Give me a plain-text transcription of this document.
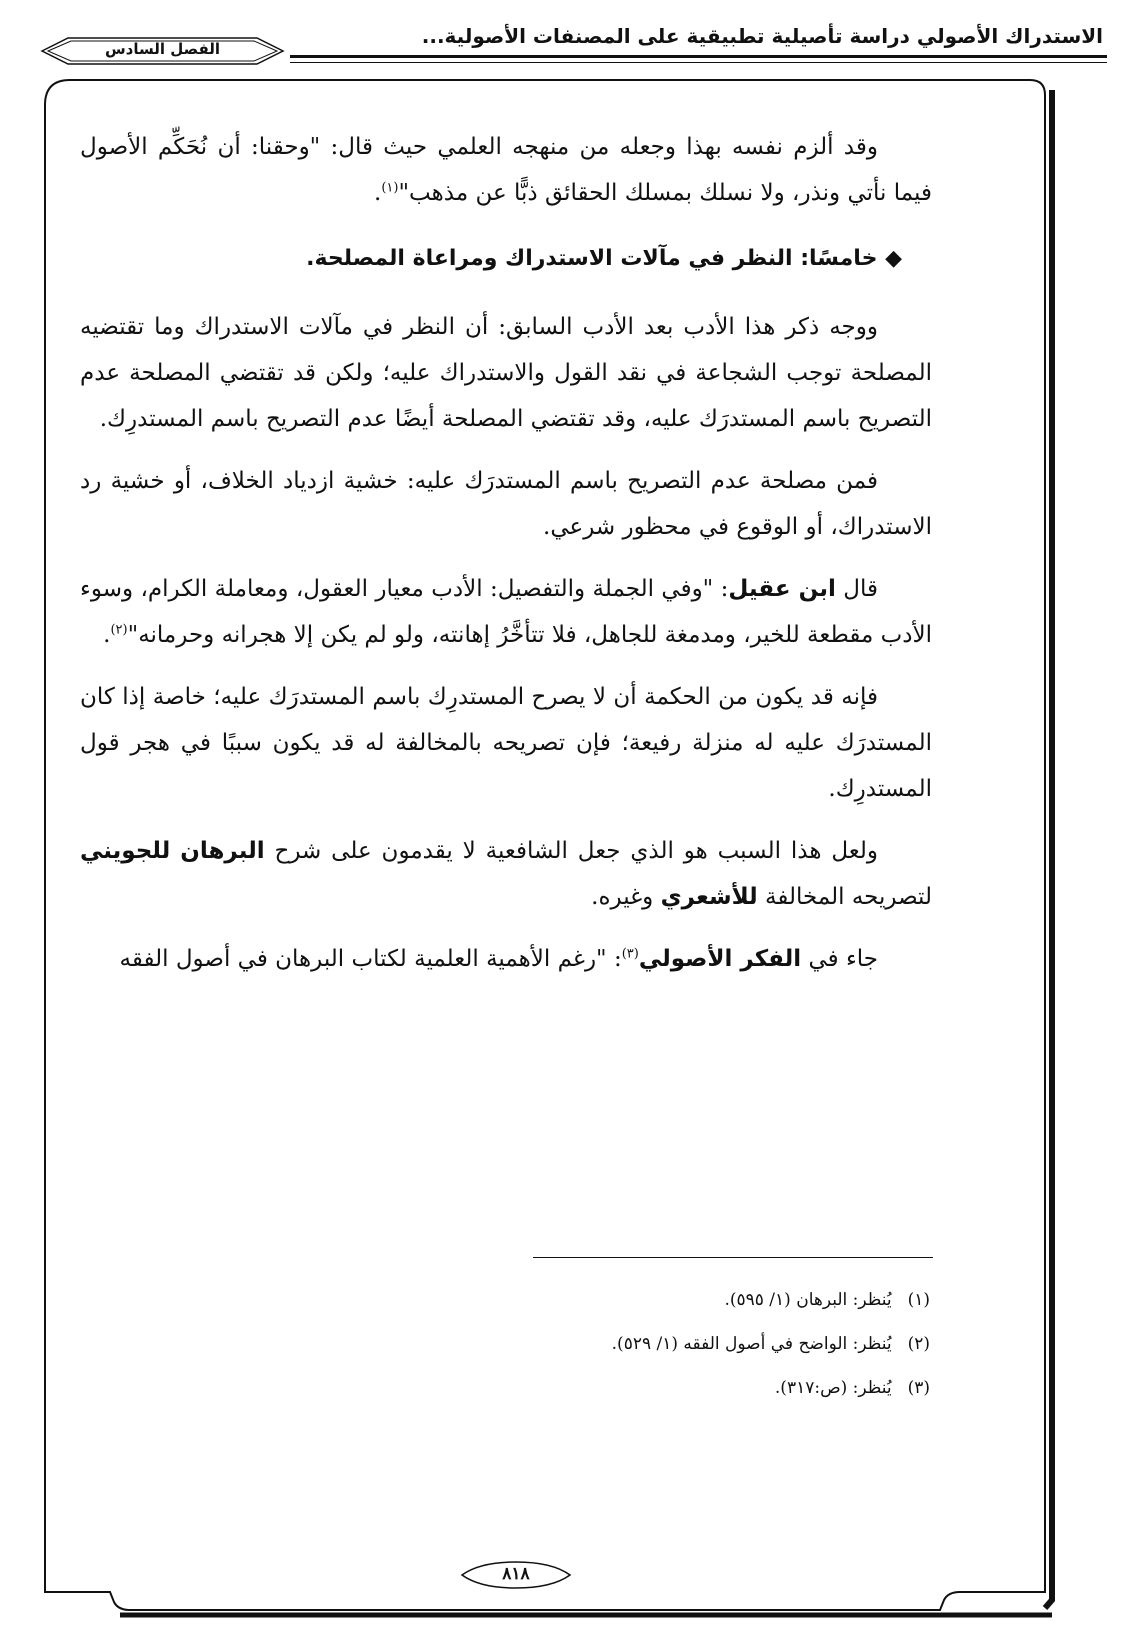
الاستدراك الأصولي دراسة تأصيلية تطبيقية على المصنفات الأصولية...
الفصل السادس

وقد ألزم نفسه بهذا وجعله من منهجه العلمي حيث قال: "وحقنا: أن نُحَكِّم الأصول فيما نأتي ونذر، ولا نسلك بمسلك الحقائق ذبًّا عن مذهب"$^{(١)}$.

◆ خامسًا: النظر في مآلات الاستدراك ومراعاة المصلحة.

ووجه ذكر هذا الأدب بعد الأدب السابق: أن النظر في مآلات الاستدراك وما تقتضيه المصلحة توجب الشجاعة في نقد القول والاستدراك عليه؛ ولكن قد تقتضي المصلحة عدم التصريح باسم المستدرَك عليه، وقد تقتضي المصلحة أيضًا عدم التصريح باسم المستدرِك.

فمن مصلحة عدم التصريح باسم المستدرَك عليه: خشية ازدياد الخلاف، أو خشية رد الاستدراك، أو الوقوع في محظور شرعي.

قال ابن عقيل: "وفي الجملة والتفصيل: الأدب معيار العقول، ومعاملة الكرام، وسوء الأدب مقطعة للخير، ومدمغة للجاهل، فلا تتأخَّرُ إهانته، ولو لم يكن إلا هجرانه وحرمانه"$^{(٢)}$.

فإنه قد يكون من الحكمة أن لا يصرح المستدرِك باسم المستدرَك عليه؛ خاصة إذا كان المستدرَك عليه له منزلة رفيعة؛ فإن تصريحه بالمخالفة له قد يكون سببًا في هجر قول المستدرِك.

ولعل هذا السبب هو الذي جعل الشافعية لا يقدمون على شرح البرهان للجويني لتصريحه المخالفة للأشعري وغيره.

جاء في الفكر الأصولي$^{(٣)}$: "رغم الأهمية العلمية لكتاب البرهان في أصول الفقه

(١)يُنظر: البرهان (١/ ٥٩٥).
(٢)يُنظر: الواضح في أصول الفقه (١/ ٥٢٩).
(٣)يُنظر: (ص:٣١٧).
٨١٨
